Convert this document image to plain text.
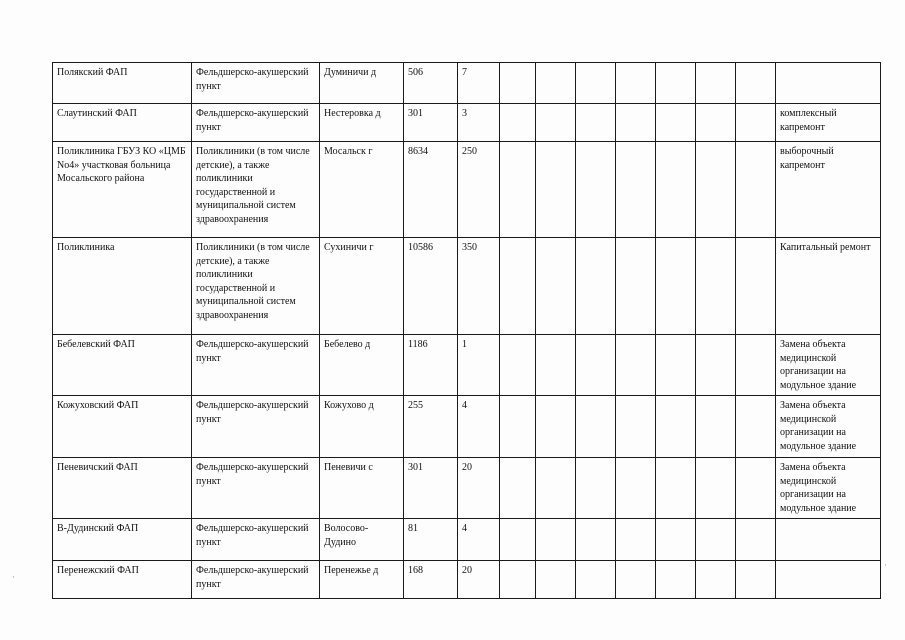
Полякский ФАП	Фельдшерско-акушерский пункт	Думиничи д	506	7								
Слаутинский ФАП	Фельдшерско-акушерский пункт	Нестеровка д	301	3								комплексный капремонт
Поликлиника ГБУЗ КО «ЦМБ No4» участковая больница Мосальского района	Поликлиники (в том числе детские), а также поликлиники государственной и муниципальной систем здравоохранения	Мосальск г	8634	250								выборочный капремонт
Поликлиника	Поликлиники (в том числе детские), а также поликлиники государственной и муниципальной систем здравоохранения	Сухиничи г	10586	350								Капитальный ремонт
Бебелевский ФАП	Фельдшерско-акушерский пункт	Бебелево д	1186	1								Замена объекта медицинской организации на модульное здание
Кожуховский ФАП	Фельдшерско-акушерский пункт	Кожухово д	255	4								Замена объекта медицинской организации на модульное здание
Пеневичский ФАП	Фельдшерско-акушерский пункт	Пеневичи с	301	20								Замена объекта медицинской организации на модульное здание
В-Дудинский ФАП	Фельдшерско-акушерский пункт	Волосово-Дудино	81	4								
Перенежский ФАП	Фельдшерско-акушерский пункт	Перенежье д	168	20								
·
·
